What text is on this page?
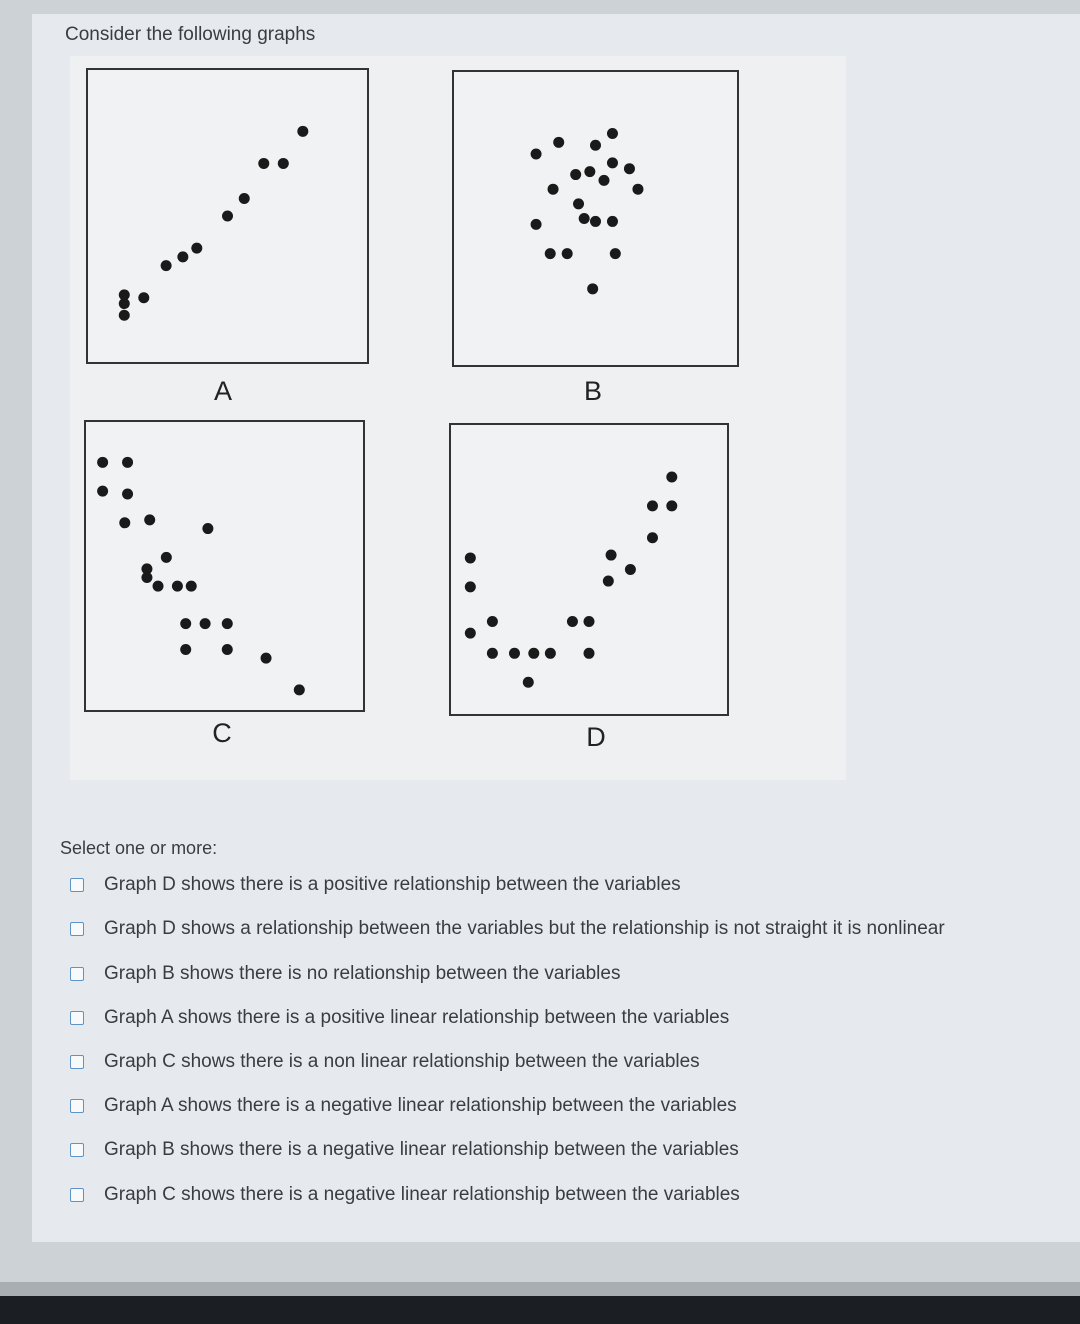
Consider the following graphs
A	B
C	D
Select one or more:
Graph D shows there is a positive relationship between the variables
Graph D shows a relationship between the variables but the relationship is not straight it is nonlinear
Graph B shows there is no relationship between the variables
Graph A shows there is a positive linear relationship between the variables
Graph C shows there is a non linear relationship between the variables
Graph A shows there is a negative linear relationship between the variables
Graph B shows there is a negative linear relationship between the variables
Graph C shows there is a negative linear relationship between the variables
